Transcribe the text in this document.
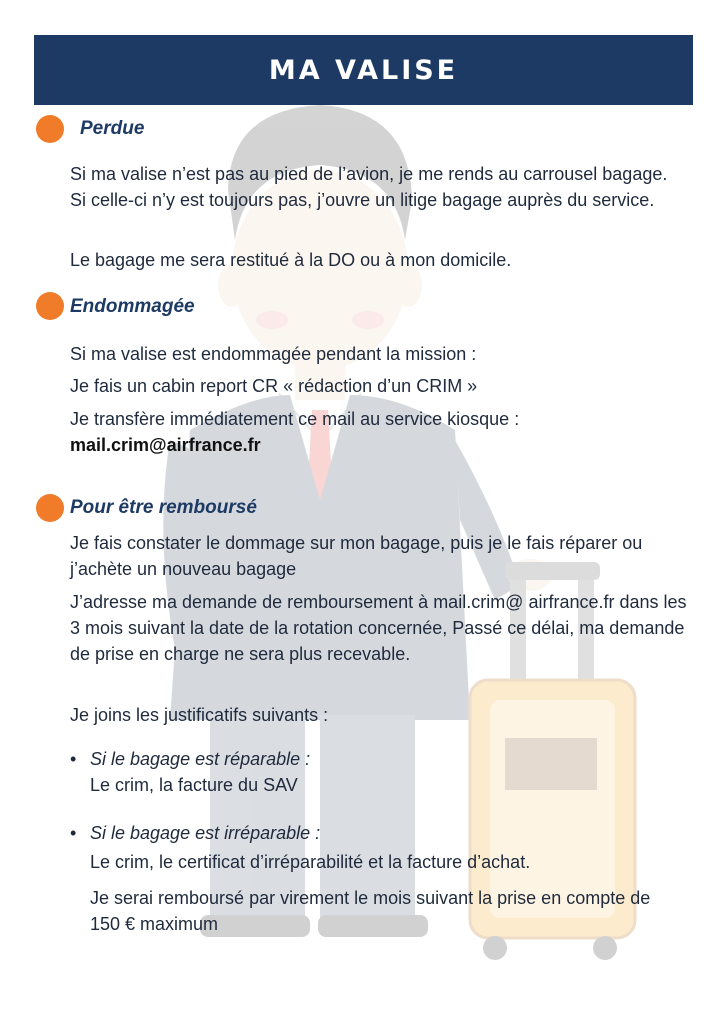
MA VALISE

Perdue

Si ma valise n’est pas au pied de l’avion, je me rends au carrousel bagage. Si celle-ci n’y est toujours pas, j’ouvre un litige bagage auprès du service.

Le bagage me sera restitué à la DO ou à mon domicile.

Endommagée

Si ma valise est endommagée pendant la mission :

Je fais un cabin report CR « rédaction d’un CRIM »

Je transfère immédiatement ce mail au service kiosque :

mail.crim@airfrance.fr

Pour être remboursé

Je fais constater le dommage sur mon bagage, puis je le fais réparer ou j’achète un nouveau bagage

J’adresse ma demande de remboursement à mail.crim@ airfrance.fr dans les 3 mois suivant la date de la rotation concernée, Passé ce délai, ma demande de prise en charge ne sera plus recevable.

Je joins les justificatifs suivants :

• Si le bagage est réparable :

Le crim, la facture du SAV

• Si le bagage est irréparable :

Le crim, le certificat d’irréparabilité et la facture d’achat.

Je serai remboursé par virement le mois suivant la prise en compte de 150 € maximum
